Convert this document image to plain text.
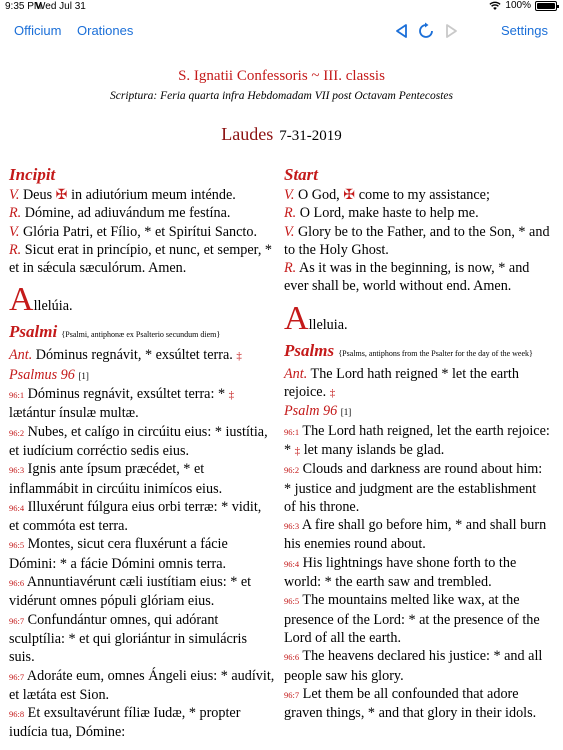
9:35 PM
Wed Jul 31	100%
Officium Orationes	Settings
S. Ignatii Confessoris ~ III. classis
Scriptura: Feria quarta infra Hebdomadam VII post Octavam Pentecostes
Laudes 7-31-2019
Incipit

V. Deus ✠ in adiutórium meum inténde.

R. Dómine, ad adiuvándum me festína.

V. Glória Patri, et Fílio, * et Spirítui Sancto.

R. Sicut erat in princípio, et nunc, et semper, * et in sǽcula sæculórum. Amen.

Allelúia.

Psalmi {Psalmi, antiphonæ ex Psalterio secundum diem}

Ant. Dóminus regnávit, * exsúltet terra. ‡

Psalmus 96 [1]

96:1 Dóminus regnávit, exsúltet terra: * ‡ lætántur ínsulæ multæ.

96:2 Nubes, et calígo in circúitu eius: * iustítia, et iudícium corréctio sedis eius.

96:3 Ignis ante ípsum præcédet, * et inflammábit in circúitu inimícos eius.

96:4 Illuxérunt fúlgura eius orbi terræ: * vidit, et commóta est terra.

96:5 Montes, sicut cera fluxérunt a fácie Dómini: * a fácie Dómini omnis terra.

96:6 Annuntiavérunt cæli iustítiam eius: * et vidérunt omnes pópuli glóriam eius.

96:7 Confundántur omnes, qui adórant sculptília: * et qui gloriántur in simulácris suis.

96:7 Adoráte eum, omnes Ángeli eius: * audívit, et lætáta est Sion.

96:8 Et exsultavérunt fíliæ Iudæ, * propter iudícia tua, Dómine:

Start

V. O God, ✠ come to my assistance;

R. O Lord, make haste to help me.

V. Glory be to the Father, and to the Son, * and to the Holy Ghost.

R. As it was in the beginning, is now, * and ever shall be, world without end. Amen.

Alleluia.

Psalms {Psalms, antiphons from the Psalter for the day of the week}

Ant. The Lord hath reigned * let the earth rejoice. ‡

Psalm 96 [1]

96:1 The Lord hath reigned, let the earth rejoice: * ‡ let many islands be glad.

96:2 Clouds and darkness are round about him: * justice and judgment are the establishment of his throne.

96:3 A fire shall go before him, * and shall burn his enemies round about.

96:4 His lightnings have shone forth to the world: * the earth saw and trembled.

96:5 The mountains melted like wax, at the presence of the Lord: * at the presence of the Lord of all the earth.

96:6 The heavens declared his justice: * and all people saw his glory.

96:7 Let them be all confounded that adore graven things, * and that glory in their idols.
